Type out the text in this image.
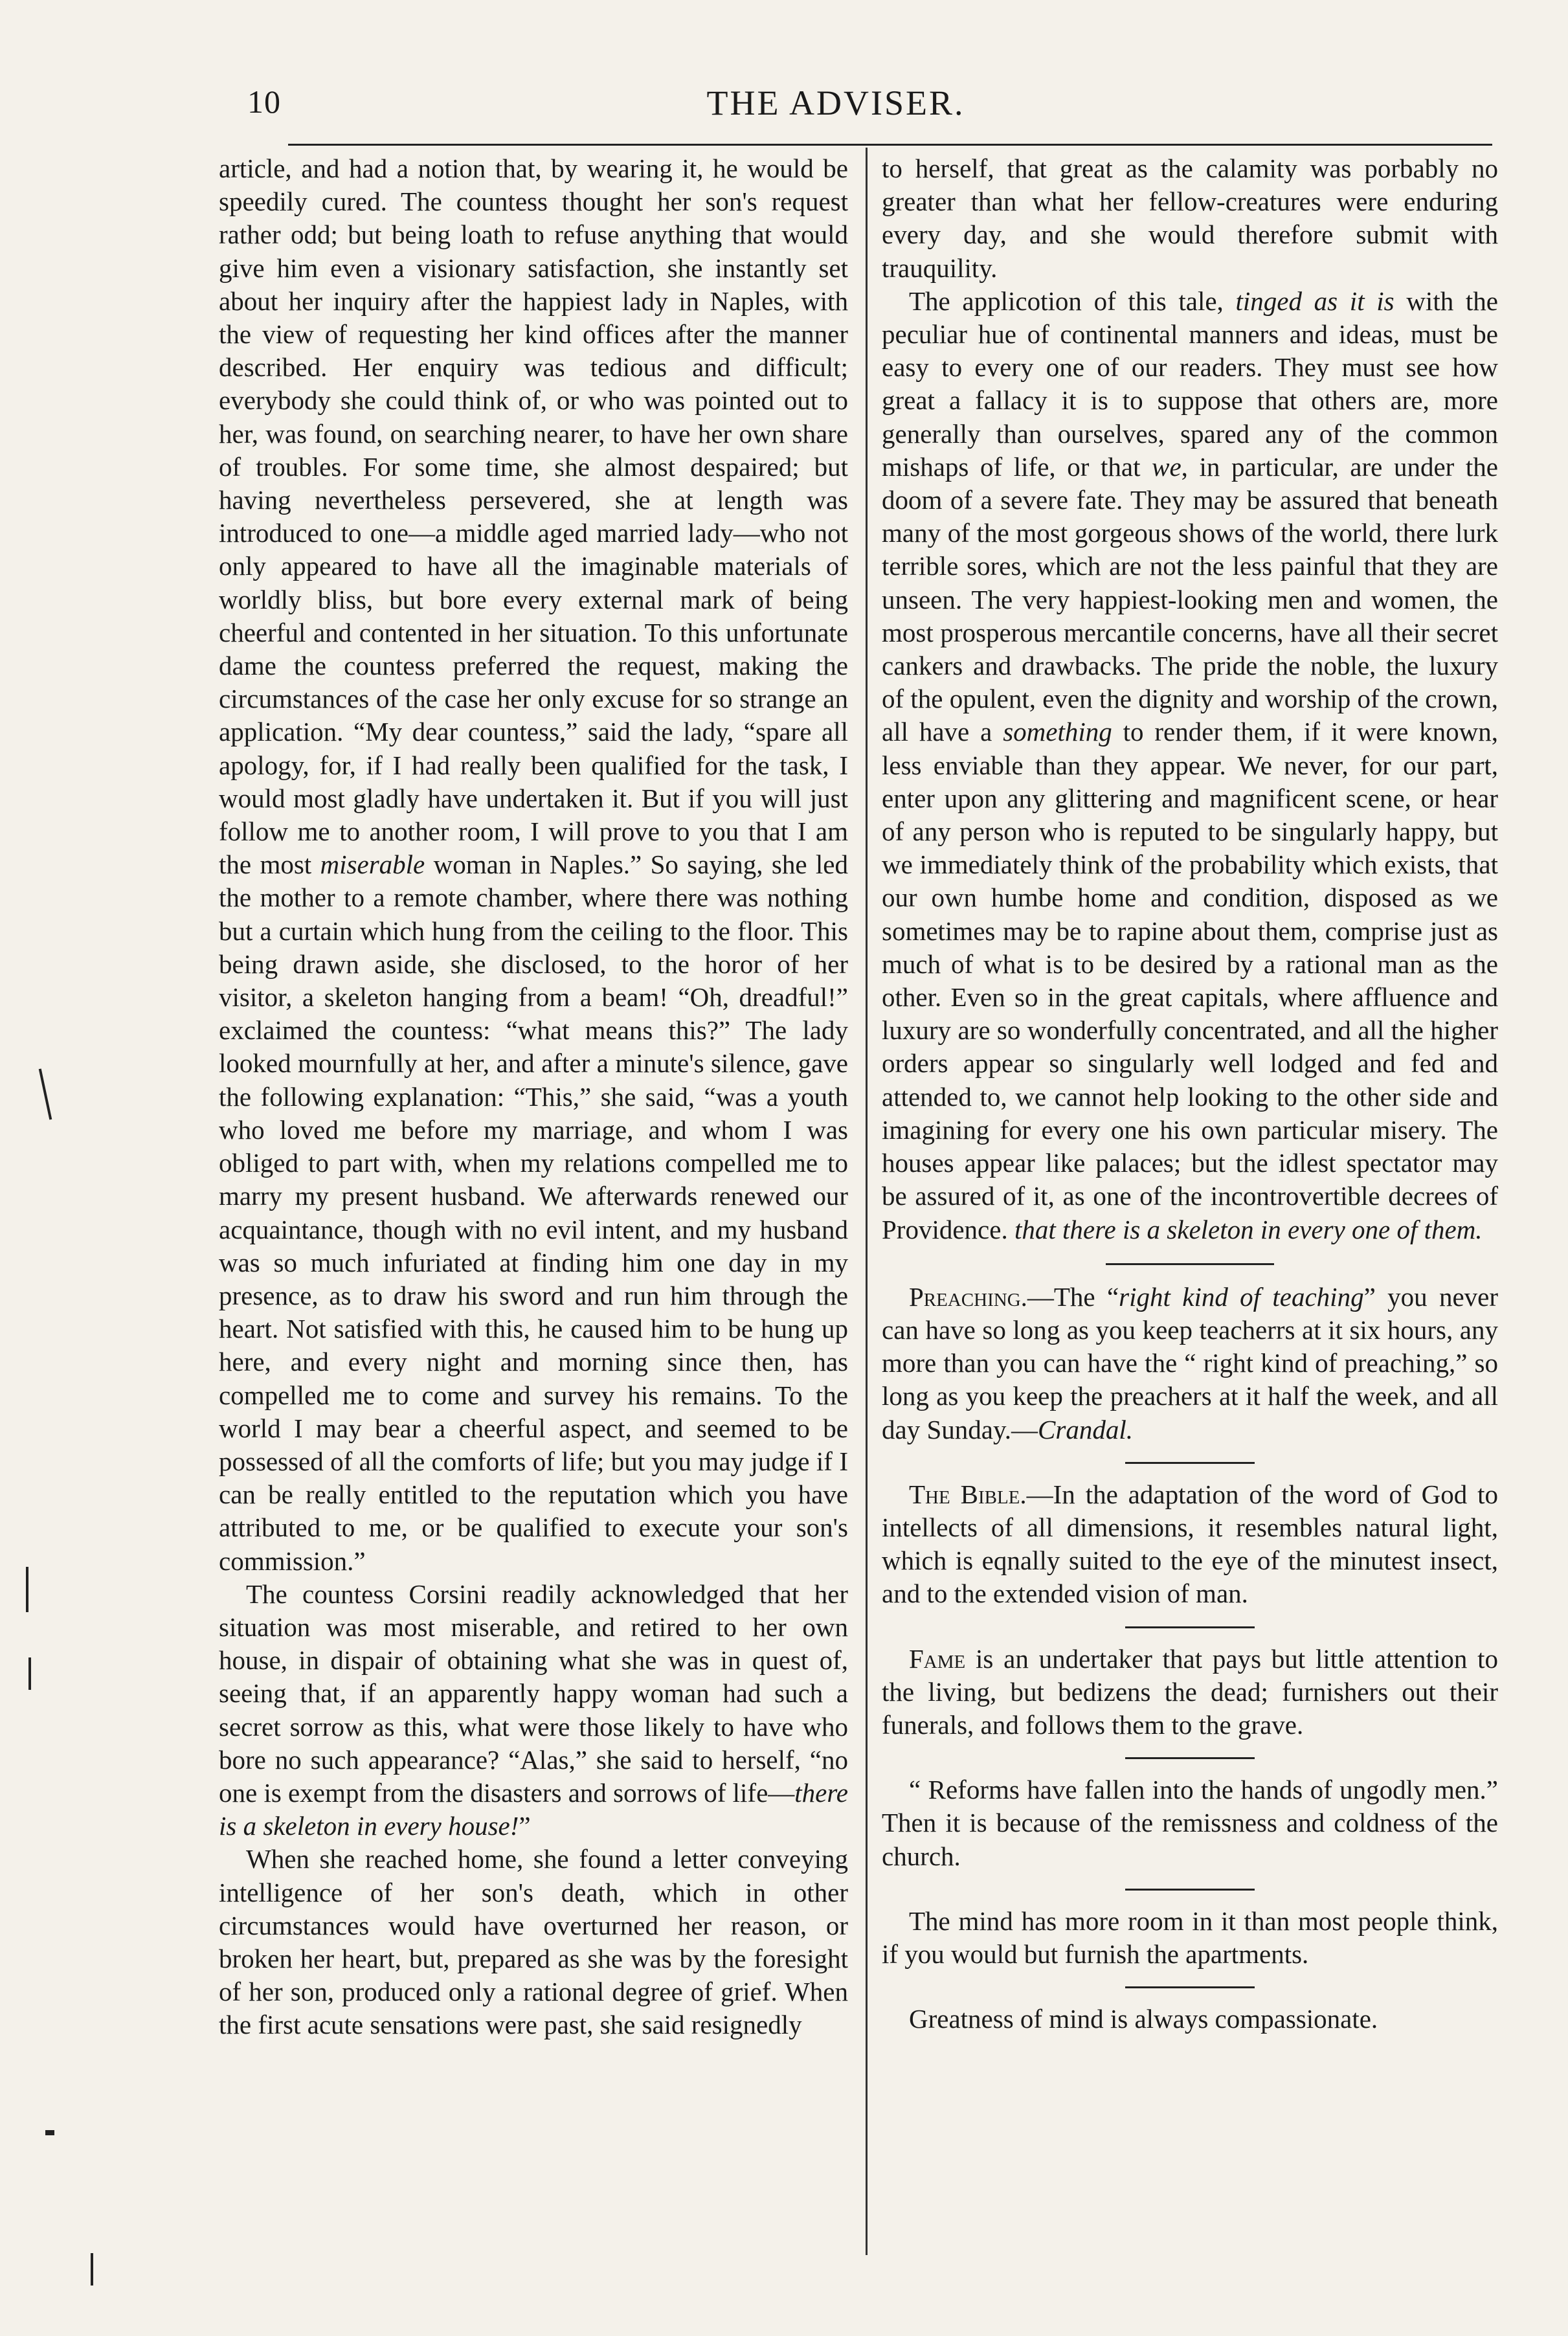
10	THE ADVISER.

article, and had a notion that, by wearing it, he would be speedily cured. The countess thought her son's request rather odd; but being loath to refuse anything that would give him even a visionary satisfaction, she instantly set about her inquiry after the happiest lady in Naples, with the view of requesting her kind offices after the manner described. Her enquiry was tedious and difficult; everybody she could think of, or who was pointed out to her, was found, on searching nearer, to have her own share of troubles. For some time, she almost despaired; but having nevertheless persevered, she at length was introduced to one—a middle aged married lady—who not only appeared to have all the imaginable materials of worldly bliss, but bore every external mark of being cheerful and contented in her situation. To this unfortunate dame the countess preferred the request, making the circumstances of the case her only excuse for so strange an application. “My dear countess,” said the lady, “spare all apology, for, if I had really been qualified for the task, I would most gladly have undertaken it. But if you will just follow me to another room, I will prove to you that I am the most miserable woman in Naples.” So saying, she led the mother to a remote chamber, where there was nothing but a curtain which hung from the ceiling to the floor. This being drawn aside, she disclosed, to the horor of her visitor, a skeleton hanging from a beam! “Oh, dreadful!” exclaimed the countess: “what means this?” The lady looked mournfully at her, and after a minute's silence, gave the following explanation: “This,” she said, “was a youth who loved me before my marriage, and whom I was obliged to part with, when my relations compelled me to marry my present husband. We afterwards renewed our acquaintance, though with no evil intent, and my husband was so much infuriated at finding him one day in my presence, as to draw his sword and run him through the heart. Not satisfied with this, he caused him to be hung up here, and every night and morning since then, has compelled me to come and survey his remains. To the world I may bear a cheerful aspect, and seemed to be possessed of all the comforts of life; but you may judge if I can be really entitled to the reputation which you have attributed to me, or be qualified to execute your son's commission.”

The countess Corsini readily acknowledged that her situation was most miserable, and retired to her own house, in dispair of obtaining what she was in quest of, seeing that, if an apparently happy woman had such a secret sorrow as this, what were those likely to have who bore no such appearance? “Alas,” she said to herself, “no one is exempt from the disasters and sorrows of life—there is a skeleton in every house!”

When she reached home, she found a letter conveying intelligence of her son's death, which in other circumstances would have overturned her reason, or broken her heart, but, prepared as she was by the foresight of her son, produced only a rational degree of grief. When the first acute sensations were past, she said resignedly

to herself, that great as the calamity was porbably no greater than what her fellow-creatures were enduring every day, and she would therefore submit with trauquility.

The applicotion of this tale, tinged as it is with the peculiar hue of continental manners and ideas, must be easy to every one of our readers. They must see how great a fallacy it is to suppose that others are, more generally than ourselves, spared any of the common mishaps of life, or that we, in particular, are under the doom of a severe fate. They may be assured that beneath many of the most gorgeous shows of the world, there lurk terrible sores, which are not the less painful that they are unseen. The very happiest-looking men and women, the most prosperous mercantile concerns, have all their secret cankers and drawbacks. The pride the noble, the luxury of the opulent, even the dignity and worship of the crown, all have a something to render them, if it were known, less enviable than they appear. We never, for our part, enter upon any glittering and magnificent scene, or hear of any person who is reputed to be singularly happy, but we immediately think of the probability which exists, that our own humbe home and condition, disposed as we sometimes may be to rapine about them, comprise just as much of what is to be desired by a rational man as the other. Even so in the great capitals, where affluence and luxury are so wonderfully concentrated, and all the higher orders appear so singularly well lodged and fed and attended to, we cannot help looking to the other side and imagining for every one his own particular misery. The houses appear like palaces; but the idlest spectator may be assured of it, as one of the incontrovertible decrees of Providence. that there is a skeleton in every one of them.

Preaching.—The “right kind of teaching” you never can have so long as you keep teacherrs at it six hours, any more than you can have the “ right kind of preaching,” so long as you keep the preachers at it half the week, and all day Sunday.—Crandal.

The Bible.—In the adaptation of the word of God to intellects of all dimensions, it resembles natural light, which is eqnally suited to the eye of the minutest insect, and to the extended vision of man.

Fame is an undertaker that pays but little attention to the living, but bedizens the dead; furnishers out their funerals, and follows them to the grave.

“ Reforms have fallen into the hands of ungodly men.” Then it is because of the remissness and coldness of the church.

The mind has more room in it than most people think, if you would but furnish the apartments.

Greatness of mind is always compassionate.
